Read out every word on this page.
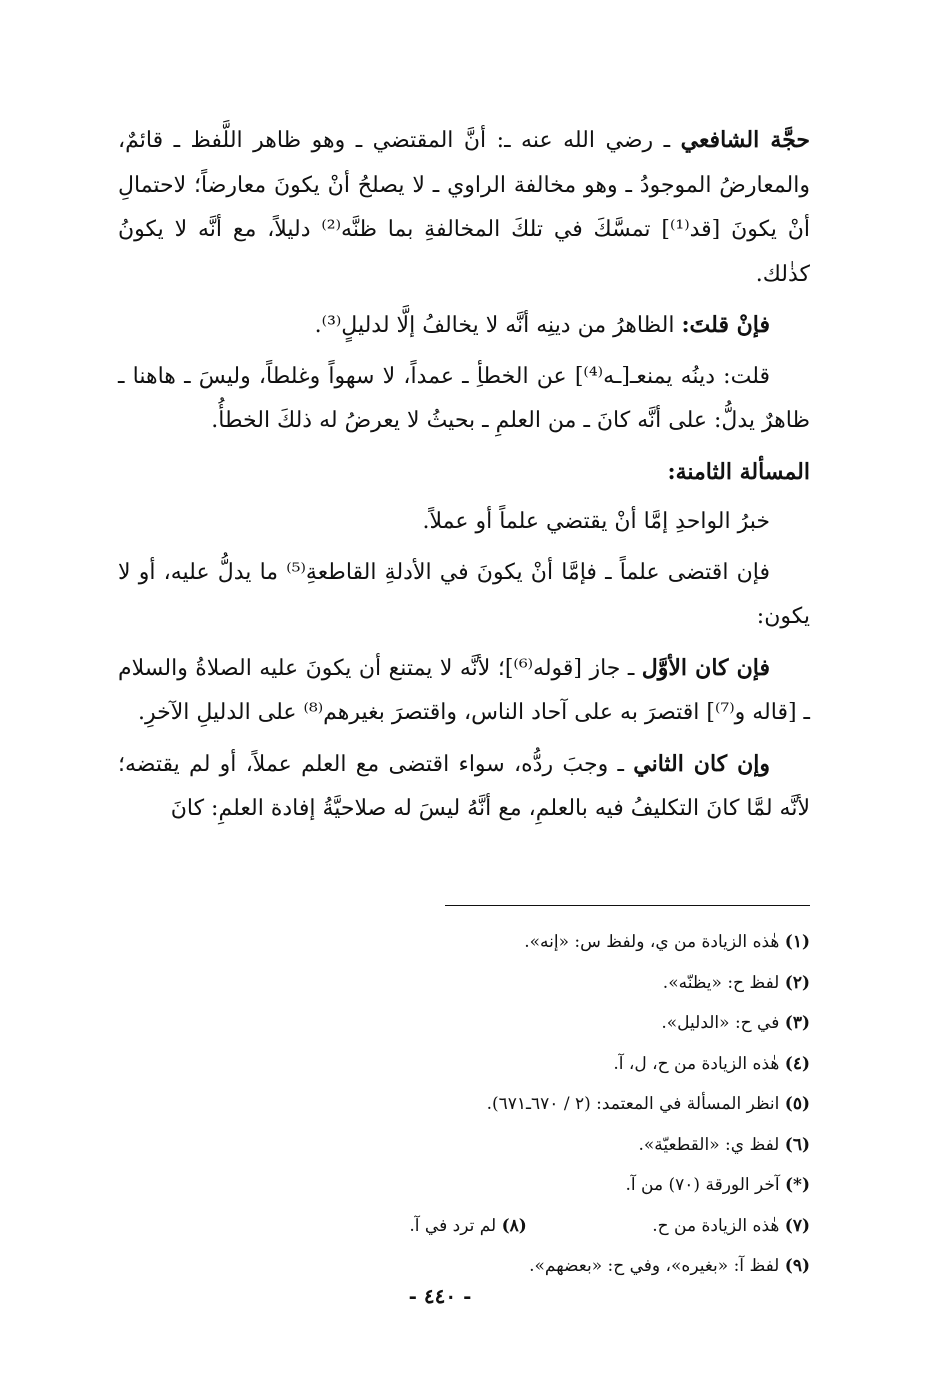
حجَّة الشافعي ـ رضي الله عنه ـ: أنَّ المقتضي ـ وهو ظاهر اللَّفظ ـ قائمٌ، والمعارضُ الموجودُ ـ وهو مخالفة الراوي ـ لا يصلحُ أنْ يكونَ معارضاً؛ لاحتمالِ أنْ يكونَ [قد⁽¹⁾] تمسَّكَ في تلكَ المخالفةِ بما ظنَّه⁽²⁾ دليلاً، مع أنَّه لا يكونُ كذٰلك.

فإنْ قلتَ: الظاهرُ من دينِه أنَّه لا يخالفُ إلَّا لدليلٍ⁽³⁾.

قلت: دينُه يمنعـ[ـه⁽⁴⁾] عن الخطأِ ـ عمداً، لا سهواً وغلطاً، وليسَ ـ هاهنا ـ ظاهرٌ يدلُّ: على أنَّه كانَ ـ من العلمِ ـ بحيثُ لا يعرضُ له ذلكَ الخطأُ.

المسألة الثامنة:

خبرُ الواحدِ إمَّا أنْ يقتضي علماً أو عملاً.

فإن اقتضى علماً ـ فإمَّا أنْ يكونَ في الأدلةِ القاطعةِ⁽⁵⁾ ما يدلُّ عليه، أو لا يكون:

فإن كان الأوَّل ـ جاز [قوله⁽⁶⁾]؛ لأنَّه لا يمتنع أن يكونَ عليه الصلاةُ والسلام ـ [قاله و⁽⁷⁾] اقتصرَ به على آحاد الناس، واقتصرَ بغيرهم⁽⁸⁾ على الدليلِ الآخرِ.

وإن كان الثاني ـ وجبَ ردُّه، سواء اقتضى مع العلم عملاً، أو لم يقتضه؛ لأنَّه لمَّا كانَ التكليفُ فيه بالعلمِ، مع أنَّهُ ليسَ له صلاحيَّةُ إفادة العلمِ: كانَ

(١) هٰذه الزيادة من ي، ولفظ س: «إنه».
(٢) لفظ ح: «يظنّه».
(٣) في ح: «الدليل».
(٤) هٰذه الزيادة من ح، ل، آ.
(٥) انظر المسألة في المعتمد: (٢ / ٦٧٠ـ٦٧١).
(٦) لفظ ي: «القطعيّة».
(*) آخر الورقة (٧٠) من آ.
(٧) هٰذه الزيادة من ح. (٨) لم ترد في آ.
(٩) لفظ آ: «بغيره»، وفي ح: «بعضهم».
- ٤٤٠ -
